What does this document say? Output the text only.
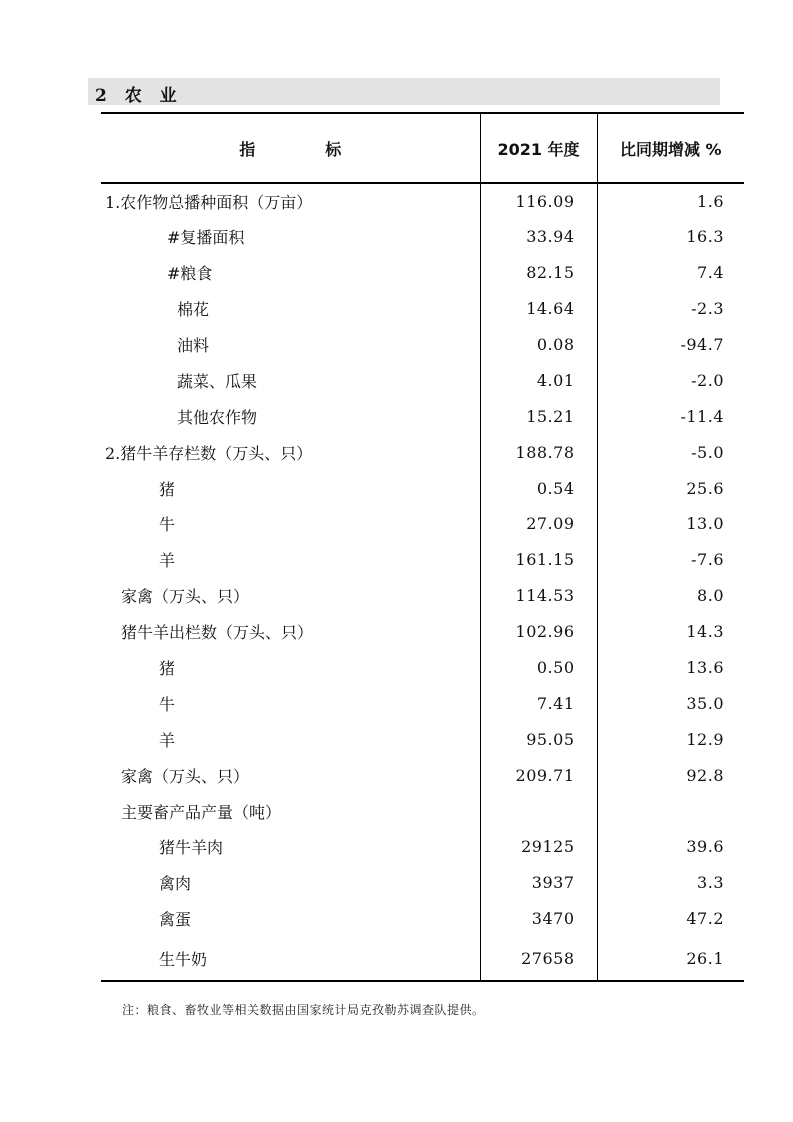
2 农 业
指 标	2021 年度	比同期增减 %
1.农作物总播种面积（万亩）	116.09	1.6
#复播面积	33.94	16.3
#粮食	82.15	7.4
棉花	14.64	-2.3
油料	0.08	-94.7
蔬菜、瓜果	4.01	-2.0
其他农作物	15.21	-11.4
2.猪牛羊存栏数（万头、只）	188.78	-5.0
猪	0.54	25.6
牛	27.09	13.0
羊	161.15	-7.6
家禽（万头、只）	114.53	8.0
猪牛羊出栏数（万头、只）	102.96	14.3
猪	0.50	13.6
牛	7.41	35.0
羊	95.05	12.9
家禽（万头、只）	209.71	92.8
主要畜产品产量（吨）		
猪牛羊肉	29125	39.6
禽肉	3937	3.3
禽蛋	3470	47.2
生牛奶	27658	26.1
注：粮食、畜牧业等相关数据由国家统计局克孜勒苏调查队提供。
